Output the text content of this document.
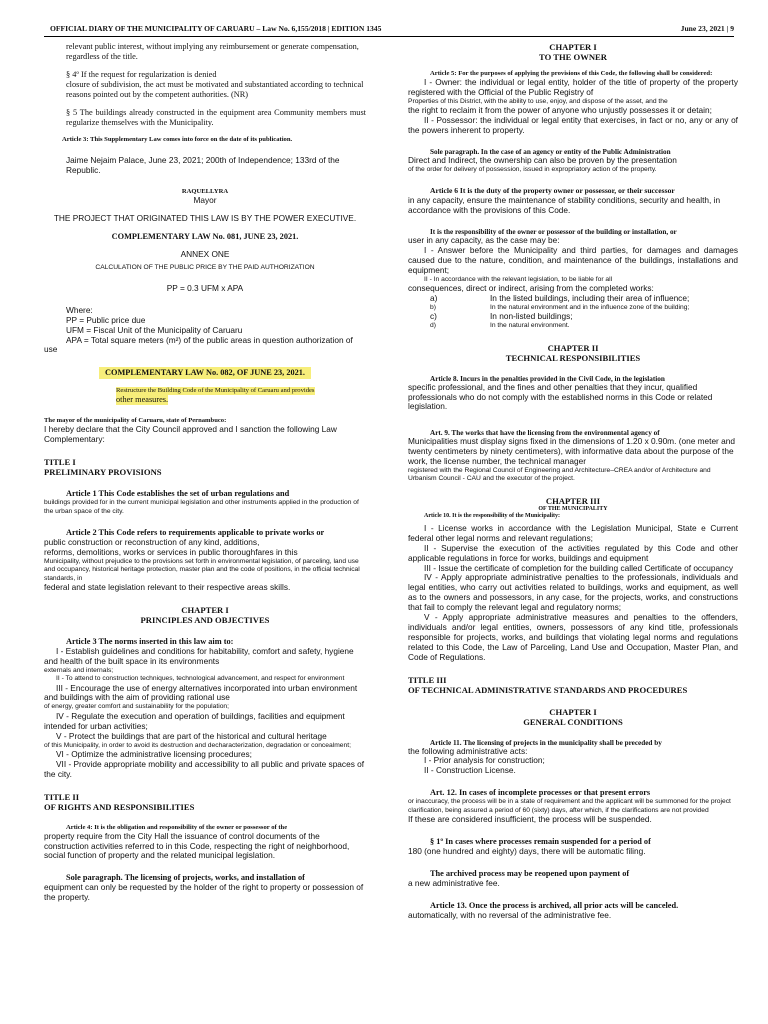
OFFICIAL DIARY OF THE MUNICIPALITY OF CARUARU – Law No. 6,155/2018 | EDITION 1345	June 23, 2021 | 9

relevant public interest, without implying any reimbursement or generate compensation, regardless of the title.

§ 4º If the request for regularization is denied

closure of subdivision, the act must be motivated and substantiated according to technical reasons pointed out by the competent authorities. (NR)

§ 5 The buildings already constructed in the equipment area Community members must regularize themselves with the Municipality.

Article 3: This Supplementary Law comes into force on the date of its publication.

Jaime Nejaim Palace, June 23, 2021; 200th of Independence; 133rd of the Republic.

RAQUELLYRA

Mayor

THE PROJECT THAT ORIGINATED THIS LAW IS BY THE POWER EXECUTIVE.

COMPLEMENTARY LAW No. 081, JUNE 23, 2021.

ANNEX ONE

CALCULATION OF THE PUBLIC PRICE BY THE PAID AUTHORIZATION

PP = 0.3 UFM x APA

Where:

PP = Public price due

UFM = Fiscal Unit of the Municipality of Caruaru

APA = Total square meters (m²) of the public areas in question authorization of use

COMPLEMENTARY LAW No. 082, OF JUNE 23, 2021.

Restructure the Building Code of the Municipality of Caruaru and provides

other measures.

The mayor of the municipality of Caruaru, state of Pernambuco:

I hereby declare that the City Council approved and I sanction the following Law Complementary:

TITLE I

PRELIMINARY PROVISIONS

Article 1 This Code establishes the set of urban regulations and

buildings provided for in the current municipal legislation and other instruments applied in the production of the urban space of the city.

Article 2 This Code refers to requirements applicable to private works or

public construction or reconstruction of any kind, additions,

reforms, demolitions, works or services in public thoroughfares in this

Municipality, without prejudice to the provisions set forth in environmental legislation, of parceling, land use and occupancy, historical heritage protection, master plan and the code of positions, in the official technical standards, in

federal and state legislation relevant to their respective areas skills.

CHAPTER I

PRINCIPLES AND OBJECTIVES

Article 3 The norms inserted in this law aim to:

I - Establish guidelines and conditions for habitability, comfort and safety, hygiene and health of the built space in its environments

externals and internals;

II - To attend to construction techniques, technological advancement, and respect for environment

III - Encourage the use of energy alternatives incorporated into urban environment and buildings with the aim of providing rational use

of energy, greater comfort and sustainability for the population;

IV - Regulate the execution and operation of buildings, facilities and equipment intended for urban activities;

V - Protect the buildings that are part of the historical and cultural heritage

of this Municipality, in order to avoid its destruction and decharacterization, degradation or concealment;

VI - Optimize the administrative licensing procedures;

VII - Provide appropriate mobility and accessibility to all public and private spaces of the city.

TITLE II

OF RIGHTS AND RESPONSIBILITIES

Article 4: It is the obligation and responsibility of the owner or possessor of the

property require from the City Hall the issuance of control documents of the construction activities referred to in this Code, respecting the right of neighborhood, social function of property and the related municipal legislation.

Sole paragraph. The licensing of projects, works, and installation of

equipment can only be requested by the holder of the right to property or possession of the property.

CHAPTER I

TO THE OWNER

Article 5: For the purposes of applying the provisions of this Code, the following shall be considered:

I - Owner: the individual or legal entity, holder of the title of property of the property registered with the Official of the Public Registry of

Properties of this District, with the ability to use, enjoy, and dispose of the asset, and the

the right to reclaim it from the power of anyone who unjustly possesses it or detain;

II - Possessor: the individual or legal entity that exercises, in fact or no, any or any of the powers inherent to property.

Sole paragraph. In the case of an agency or entity of the Public Administration

Direct and Indirect, the ownership can also be proven by the presentation

of the order for delivery of possession, issued in expropriatory action of the property.

Article 6 It is the duty of the property owner or possessor, or their successor

in any capacity, ensure the maintenance of stability conditions, security and health, in accordance with the provisions of this Code.

It is the responsibility of the owner or possessor of the building or installation, or

user in any capacity, as the case may be:

I - Answer before the Municipality and third parties, for damages and damages caused due to the nature, condition, and maintenance of the buildings, installations and equipment;

II - In accordance with the relevant legislation, to be liable for all

consequences, direct or indirect, arising from the completed works:

a)	In the listed buildings, including their area of influence;
b)	In the natural environment and in the influence zone of the building;
c)	In non-listed buildings;
d)	In the natural environment.

CHAPTER II

TECHNICAL RESPONSIBILITIES

Article 8. Incurs in the penalties provided in the Civil Code, in the legislation

specific professional, and the fines and other penalties that they incur, qualified professionals who do not comply with the established norms in this Code or related legislation.

Art. 9. The works that have the licensing from the environmental agency of

Municipalities must display signs fixed in the dimensions of 1.20 x 0.90m. (one meter and twenty centimeters by ninety centimeters), with informative data about the purpose of the work, the license number, the technical manager

registered with the Regional Council of Engineering and Architecture–CREA and/or of Architecture and Urbanism Council - CAU and the executor of the project.

CHAPTER III

OF THE MUNICIPALITY

Article 10. It is the responsibility of the Municipality:

I - License works in accordance with the Legislation Municipal, State e Current federal other legal norms and relevant regulations;

II - Supervise the execution of the activities regulated by this Code and other applicable regulations in force for works, buildings and equipment

III - Issue the certificate of completion for the building called Certificate of occupancy

IV - Apply appropriate administrative penalties to the professionals, individuals and legal entities, who carry out activities related to buildings, works and equipment, as well as to the owners and possessors, in any case, for the projects, works, and constructions that fail to comply the relevant legal and regulatory norms;

V - Apply appropriate administrative measures and penalties to the offenders, individuals and/or legal entities, owners, possessors of any kind title, professionals responsible for projects, works, and buildings that violating legal norms and regulations related to this Code, the Law of Parceling, Land Use and Occupation, Master Plan, and Code of Regulations.

TITLE III

OF TECHNICAL ADMINISTRATIVE STANDARDS AND PROCEDURES

CHAPTER I

GENERAL CONDITIONS

Article 11. The licensing of projects in the municipality shall be preceded by

the following administrative acts:

I - Prior analysis for construction;

II - Construction License.

Art. 12. In cases of incomplete processes or that present errors

or inaccuracy, the process will be in a state of requirement and the applicant will be summoned for the project clarification, being assured a period of 60 (sixty) days, after which, if the clarifications are not provided

If these are considered insufficient, the process will be suspended.

§ 1º In cases where processes remain suspended for a period of

180 (one hundred and eighty) days, there will be automatic filing.

The archived process may be reopened upon payment of

a new administrative fee.

Article 13. Once the process is archived, all prior acts will be canceled.

automatically, with no reversal of the administrative fee.
